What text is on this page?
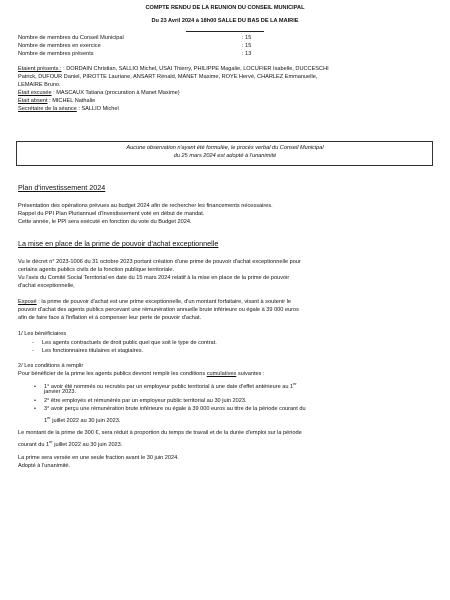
COMPTE RENDU DE LA REUNION DU CONSEIL MUNICIPAL
Du 23 Avril 2024 à 18h00 SALLE DU BAS DE LA MAIRIE
Nombre de membres du Conseil Municipal	: 15
Nombre de membres en exercice	: 15
Nombre de membres présents	: 13
Etaient présents : : DORDAIN Christian, SALLIO Michel, USAI Thierry, PHILIPPE Magalie, LOCUFIER Isabelle, DUCCESCHI
Patrick, DUFOUR Daniel, PIROTTE Lauriane, ANSART Rénald, MANET Maxime, ROYE Hervé, CHARLEZ Emmanuelle,
LEMAIRE Bruno.
Était excusée : MASCAUX Tatiana (procuration à Manet Maxime)
Était absent : MICHEL Nathalie
Secrétaire de la séance : SALLIO Michel
Aucune observation n'ayant été formulée, le procès verbal du Conseil Municipal
du 25 mars 2024 est adopté à l'unanimité
Plan d'investissement 2024
Présentation des opérations prévues au budget 2024 afin de rechercher les financements nécessaires.
Rappel du PPI Plan Pluriannuel d'Investissement voté en début de mandat.
Cette année, le PPI sera exécuté en fonction du vote du Budget 2024.
La mise en place de la prime de pouvoir d'achat exceptionnelle
Vu le décret n° 2023-1006 du 31 octobre 2023 portant création d'une prime de pouvoir d'achat exceptionnelle pour
certains agents publics civils de la fonction publique territoriale.
Vu l'avis du Comité Social Territorial en date du 15 mars 2024 relatif à la mise en place de la prime de pouvoir
d'achat exceptionnelle,
Exposé : la prime de pouvoir d'achat est une prime exceptionnelle, d'un montant forfaitaire, visant à soutenir le
pouvoir d'achat des agents publics percevant une rémunération annuelle brute inférieure ou égale à 39 000 euros
afin de faire face à l'inflation et à compenser leur perte de pouvoir d'achat.
1/ Les bénéficiaires
- Les agents contractuels de droit public quel que soit le type de contrat.
- Les fonctionnaires titulaires et stagiaires.
2/ Les conditions à remplir
Pour bénéficier de la prime les agents publics devront remplir les conditions cumulatives suivantes :
• 1° avoir été nommés ou recrutés par un employeur public territorial à une date d'effet antérieure au 1er
janvier 2023.
• 2° être employés et rémunérés par un employeur public territorial au 30 juin 2023.
• 3° avoir perçu une rémunération brute inférieure ou égale à 39 000 euros au titre de la période courant du
1er juillet 2022 au 30 juin 2023.
Le montant de la prime de 300 €, sera réduit à proportion du temps de travail et de la durée d'emploi sur la période
courant du 1er juillet 2022 au 30 juin 2023.
La prime sera versée en une seule fraction avant le 30 juin 2024.
Adopté à l'unanimité.
